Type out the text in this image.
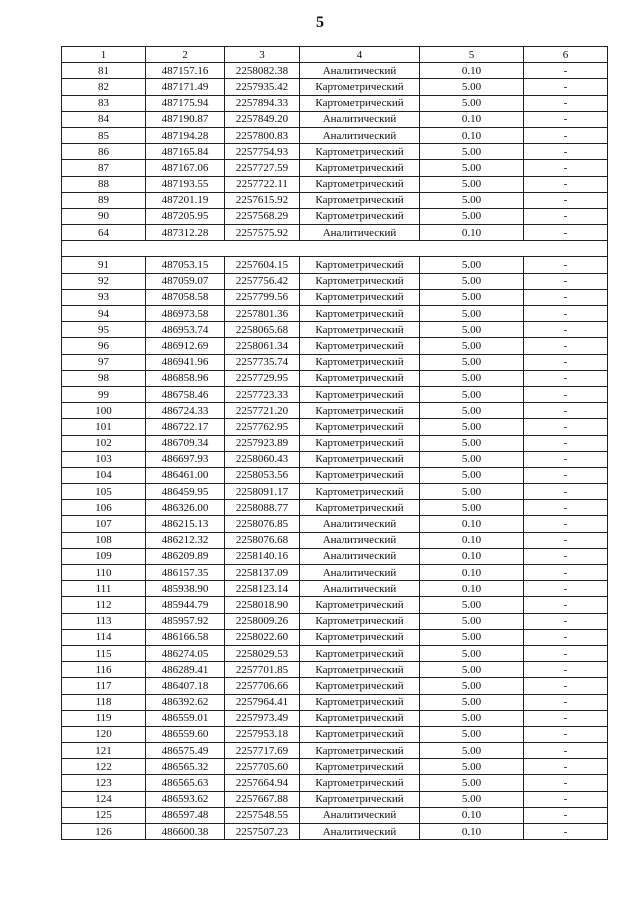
5
1	2	3	4	5	6
81	487157.16	2258082.38	Аналитический	0.10	-
82	487171.49	2257935.42	Картометрический	5.00	-
83	487175.94	2257894.33	Картометрический	5.00	-
84	487190.87	2257849.20	Аналитический	0.10	-
85	487194.28	2257800.83	Аналитический	0.10	-
86	487165.84	2257754.93	Картометрический	5.00	-
87	487167.06	2257727.59	Картометрический	5.00	-
88	487193.55	2257722.11	Картометрический	5.00	-
89	487201.19	2257615.92	Картометрический	5.00	-
90	487205.95	2257568.29	Картометрический	5.00	-
64	487312.28	2257575.92	Аналитический	0.10	-

91	487053.15	2257604.15	Картометрический	5.00	-
92	487059.07	2257756.42	Картометрический	5.00	-
93	487058.58	2257799.56	Картометрический	5.00	-
94	486973.58	2257801.36	Картометрический	5.00	-
95	486953.74	2258065.68	Картометрический	5.00	-
96	486912.69	2258061.34	Картометрический	5.00	-
97	486941.96	2257735.74	Картометрический	5.00	-
98	486858.96	2257729.95	Картометрический	5.00	-
99	486758.46	2257723.33	Картометрический	5.00	-
100	486724.33	2257721.20	Картометрический	5.00	-
101	486722.17	2257762.95	Картометрический	5.00	-
102	486709.34	2257923.89	Картометрический	5.00	-
103	486697.93	2258060.43	Картометрический	5.00	-
104	486461.00	2258053.56	Картометрический	5.00	-
105	486459.95	2258091.17	Картометрический	5.00	-
106	486326.00	2258088.77	Картометрический	5.00	-
107	486215.13	2258076.85	Аналитический	0.10	-
108	486212.32	2258076.68	Аналитический	0.10	-
109	486209.89	2258140.16	Аналитический	0.10	-
110	486157.35	2258137.09	Аналитический	0.10	-
111	485938.90	2258123.14	Аналитический	0.10	-
112	485944.79	2258018.90	Картометрический	5.00	-
113	485957.92	2258009.26	Картометрический	5.00	-
114	486166.58	2258022.60	Картометрический	5.00	-
115	486274.05	2258029.53	Картометрический	5.00	-
116	486289.41	2257701.85	Картометрический	5.00	-
117	486407.18	2257706.66	Картометрический	5.00	-
118	486392.62	2257964.41	Картометрический	5.00	-
119	486559.01	2257973.49	Картометрический	5.00	-
120	486559.60	2257953.18	Картометрический	5.00	-
121	486575.49	2257717.69	Картометрический	5.00	-
122	486565.32	2257705.60	Картометрический	5.00	-
123	486565.63	2257664.94	Картометрический	5.00	-
124	486593.62	2257667.88	Картометрический	5.00	-
125	486597.48	2257548.55	Аналитический	0.10	-
126	486600.38	2257507.23	Аналитический	0.10	-
